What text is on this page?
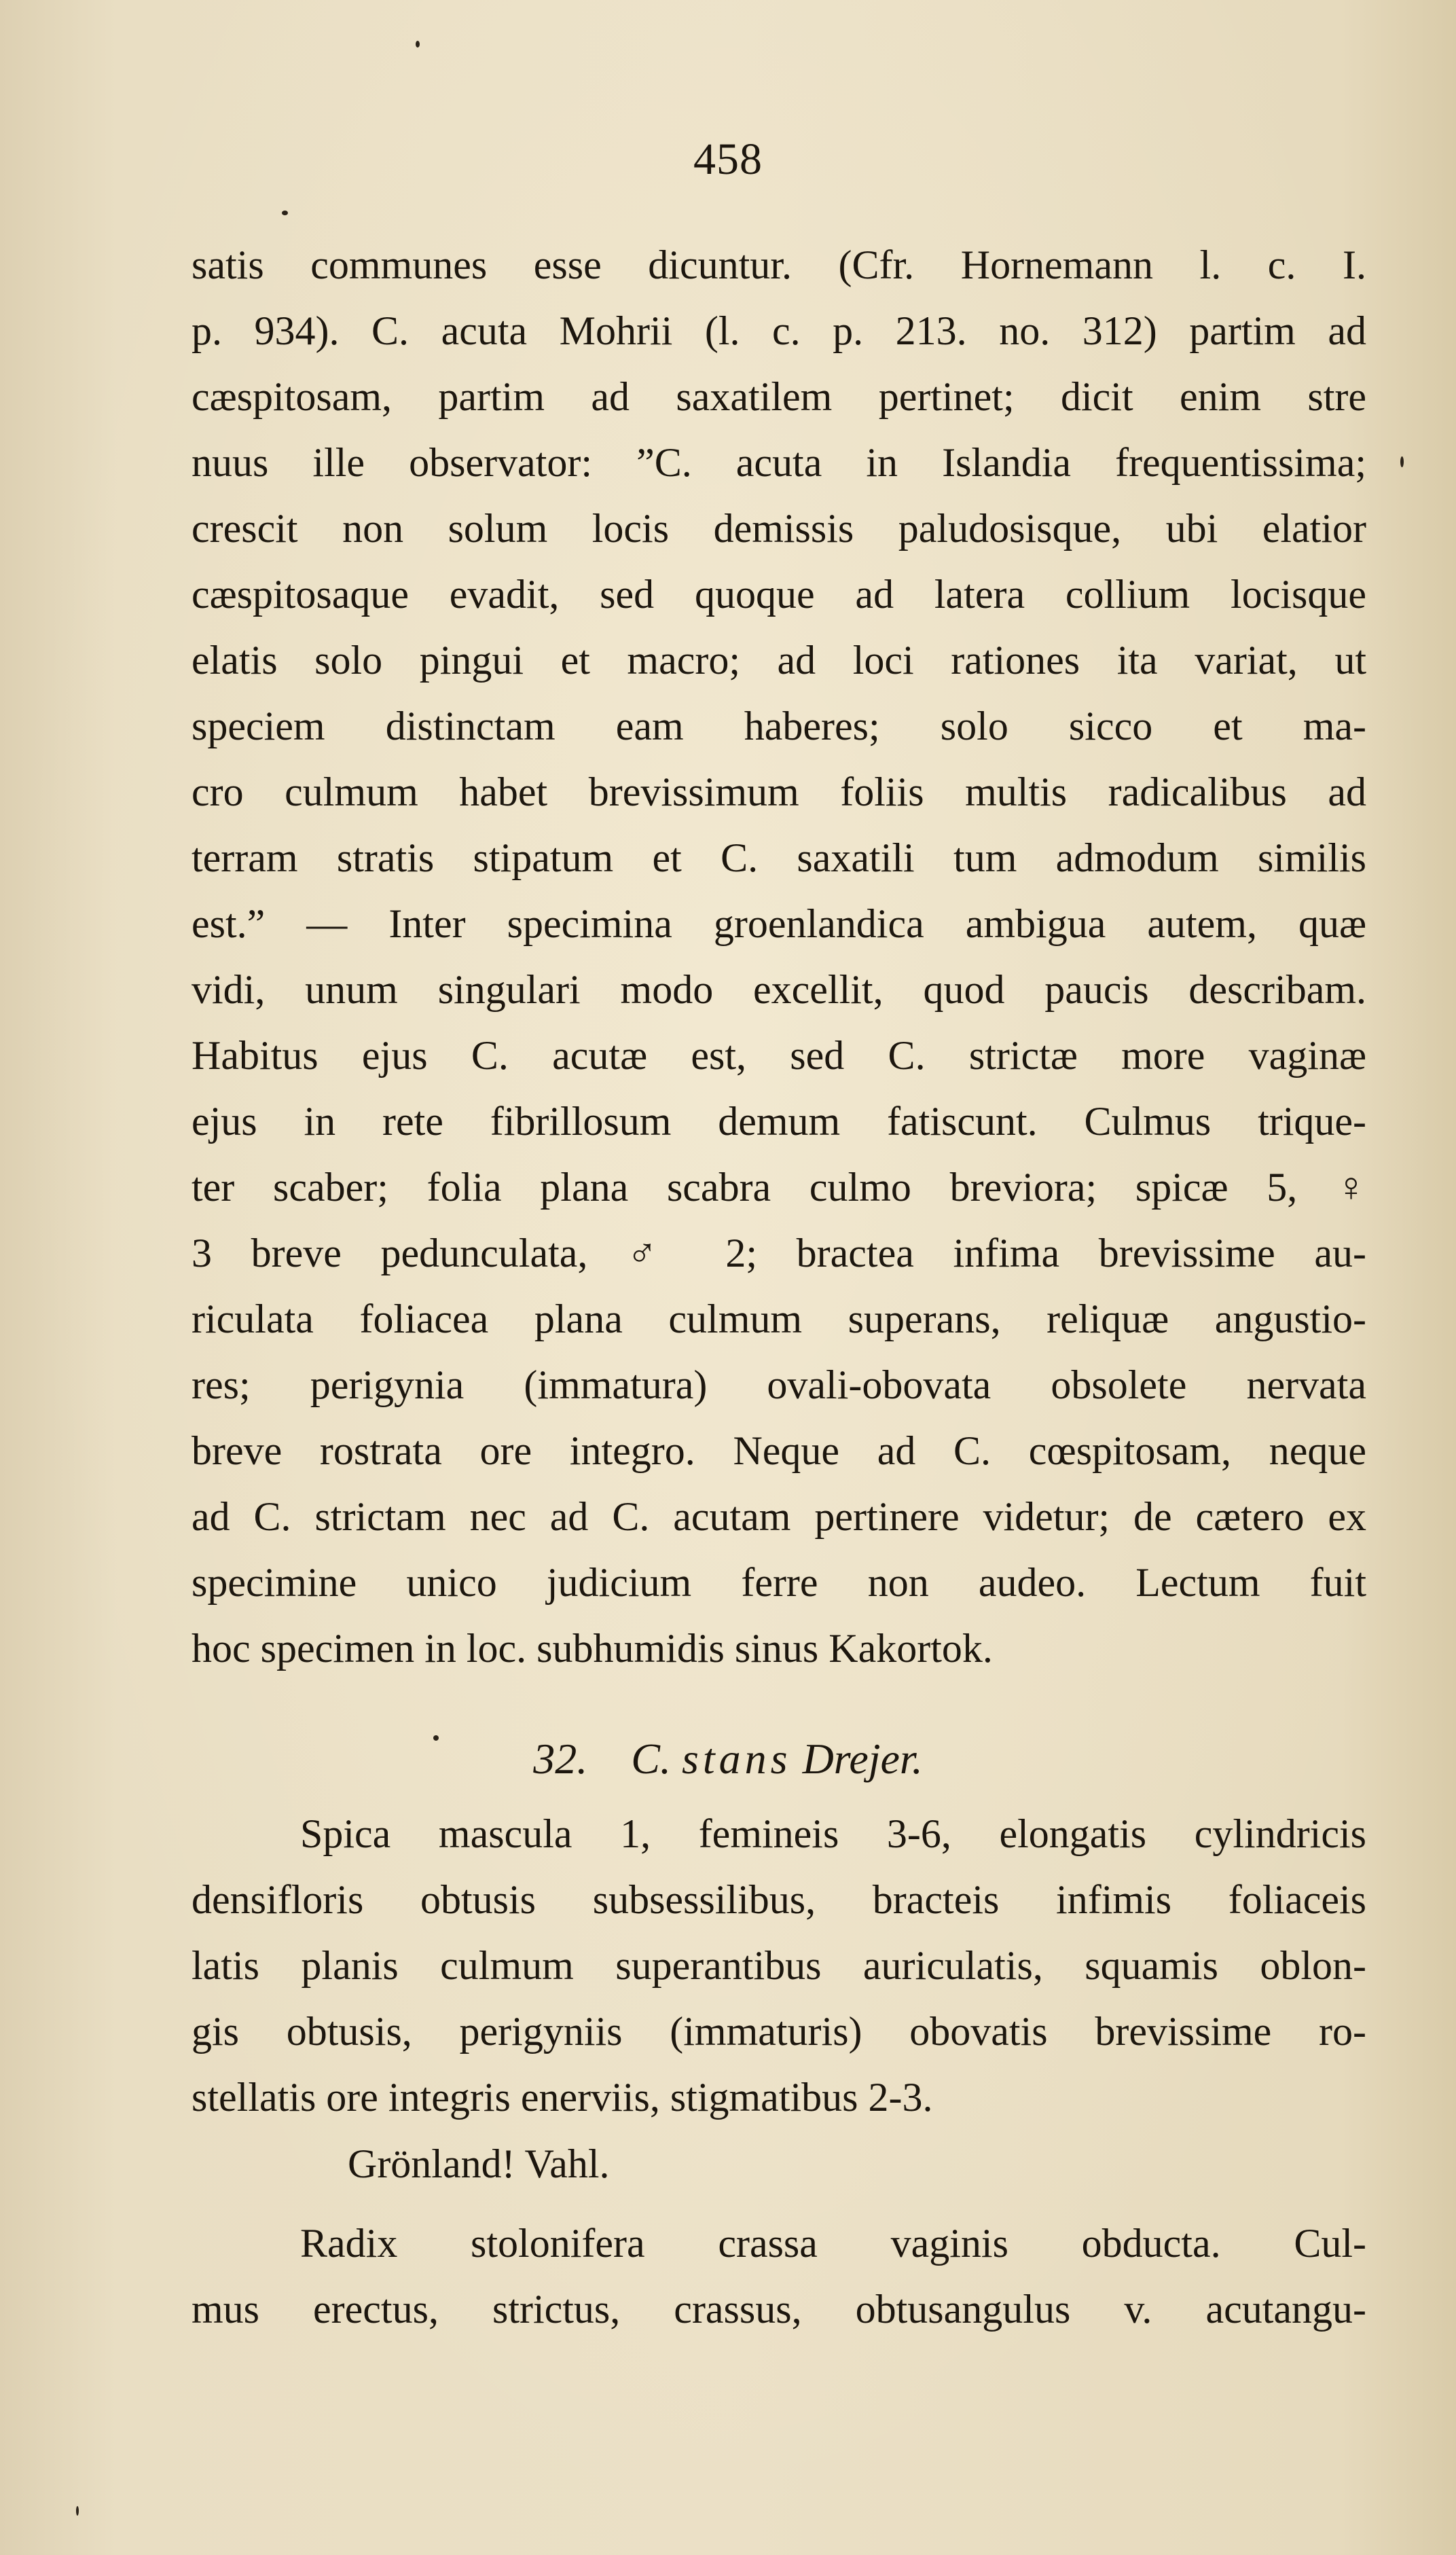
458
satis communes esse dicuntur. (Cfr. Hornemann l. c. I.
p. 934). C. acuta Mohrii (l. c. p. 213. no. 312) partim ad
cæspitosam, partim ad saxatilem pertinet; dicit enim stre
nuus ille observator: ”C. acuta in Islandia frequentissima;
crescit non solum locis demissis paludosisque, ubi elatior
cæspitosaque evadit, sed quoque ad latera collium locisque
elatis solo pingui et macro; ad loci rationes ita variat, ut
speciem distinctam eam haberes; solo sicco et ma-
cro culmum habet brevissimum foliis multis radicalibus ad
terram stratis stipatum et C. saxatili tum admodum similis
est.” — Inter specimina groenlandica ambigua autem, quæ
vidi, unum singulari modo excellit, quod paucis describam.
Habitus ejus C. acutæ est, sed C. strictæ more vaginæ
ejus in rete fibrillosum demum fatiscunt. Culmus trique-
ter scaber; folia plana scabra culmo breviora; spicæ 5, ♀
3 breve pedunculata, ♂ 2; bractea infima brevissime au-
riculata foliacea plana culmum superans, reliquæ angustio-
res; perigynia (immatura) ovali-obovata obsolete nervata
breve rostrata ore integro. Neque ad C. cœspitosam, neque
ad C. strictam nec ad C. acutam pertinere videtur; de cætero ex
specimine unico judicium ferre non audeo. Lectum fuit
hoc specimen in loc. subhumidis sinus Kakortok.
32. C. stans Drejer.
Spica mascula 1, femineis 3-6, elongatis cylindricis
densifloris obtusis subsessilibus, bracteis infimis foliaceis
latis planis culmum superantibus auriculatis, squamis oblon-
gis obtusis, perigyniis (immaturis) obovatis brevissime ro-
stellatis ore integris enerviis, stigmatibus 2-3.
Grönland! Vahl.
Radix stolonifera crassa vaginis obducta. Cul-
mus erectus, strictus, crassus, obtusangulus v. acutangu-
